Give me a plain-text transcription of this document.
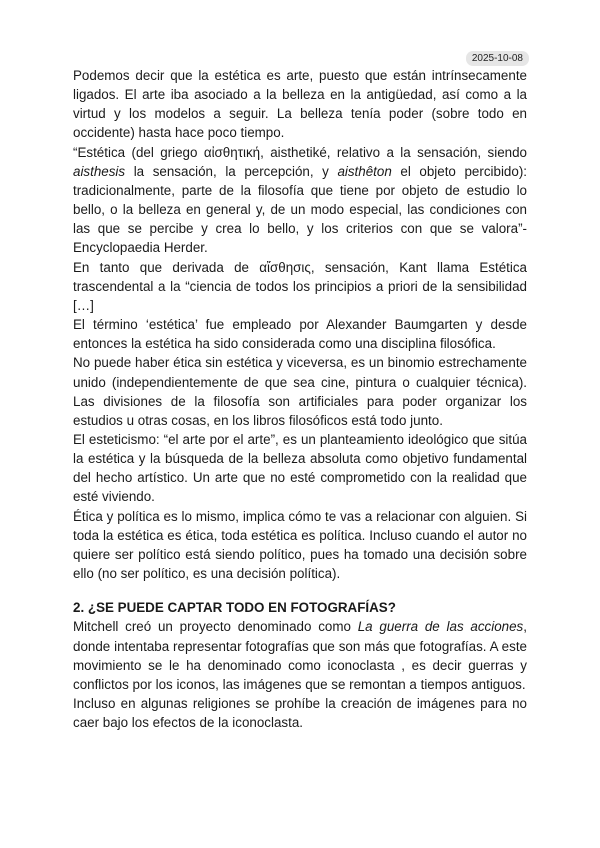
2025-10-08

Podemos decir que la estética es arte, puesto que están intrínsecamente ligados. El arte iba asociado a la belleza en la antigüedad, así como a la virtud y los modelos a seguir. La belleza tenía poder (sobre todo en occidente) hasta hace poco tiempo.

“Estética (del griego αἰσθητική, aisthetiké, relativo a la sensación, siendo aisthesis la sensación, la percepción, y aisthêton el objeto percibido): tradicionalmente, parte de la filosofía que tiene por objeto de estudio lo bello, o la belleza en general y, de un modo especial, las condiciones con las que se percibe y crea lo bello, y los criterios con que se valora”- Encyclopaedia Herder.

En tanto que derivada de αἴσθησις, sensación, Kant llama Estética trascendental a la “ciencia de todos los principios a priori de la sensibilidad […]

El término ‘estética’ fue empleado por Alexander Baumgarten y desde entonces la estética ha sido considerada como una disciplina filosófica.

No puede haber ética sin estética y viceversa, es un binomio estrechamente unido (independientemente de que sea cine, pintura o cualquier técnica). Las divisiones de la filosofía son artificiales para poder organizar los estudios u otras cosas, en los libros filosóficos está todo junto.

El esteticismo: “el arte por el arte”, es un planteamiento ideológico que sitúa la estética y la búsqueda de la belleza absoluta como objetivo fundamental del hecho artístico. Un arte que no esté comprometido con la realidad que esté viviendo.

Ética y política es lo mismo, implica cómo te vas a relacionar con alguien. Si toda la estética es ética, toda estética es política. Incluso cuando el autor no quiere ser político está siendo político, pues ha tomado una decisión sobre ello (no ser político, es una decisión política).

2. ¿SE PUEDE CAPTAR TODO EN FOTOGRAFÍAS?

Mitchell creó un proyecto denominado como La guerra de las acciones, donde intentaba representar fotografías que son más que fotografías. A este movimiento se le ha denominado como iconoclasta , es decir guerras y conflictos por los iconos, las imágenes que se remontan a tiempos antiguos.

Incluso en algunas religiones se prohíbe la creación de imágenes para no caer bajo los efectos de la iconoclasta.
